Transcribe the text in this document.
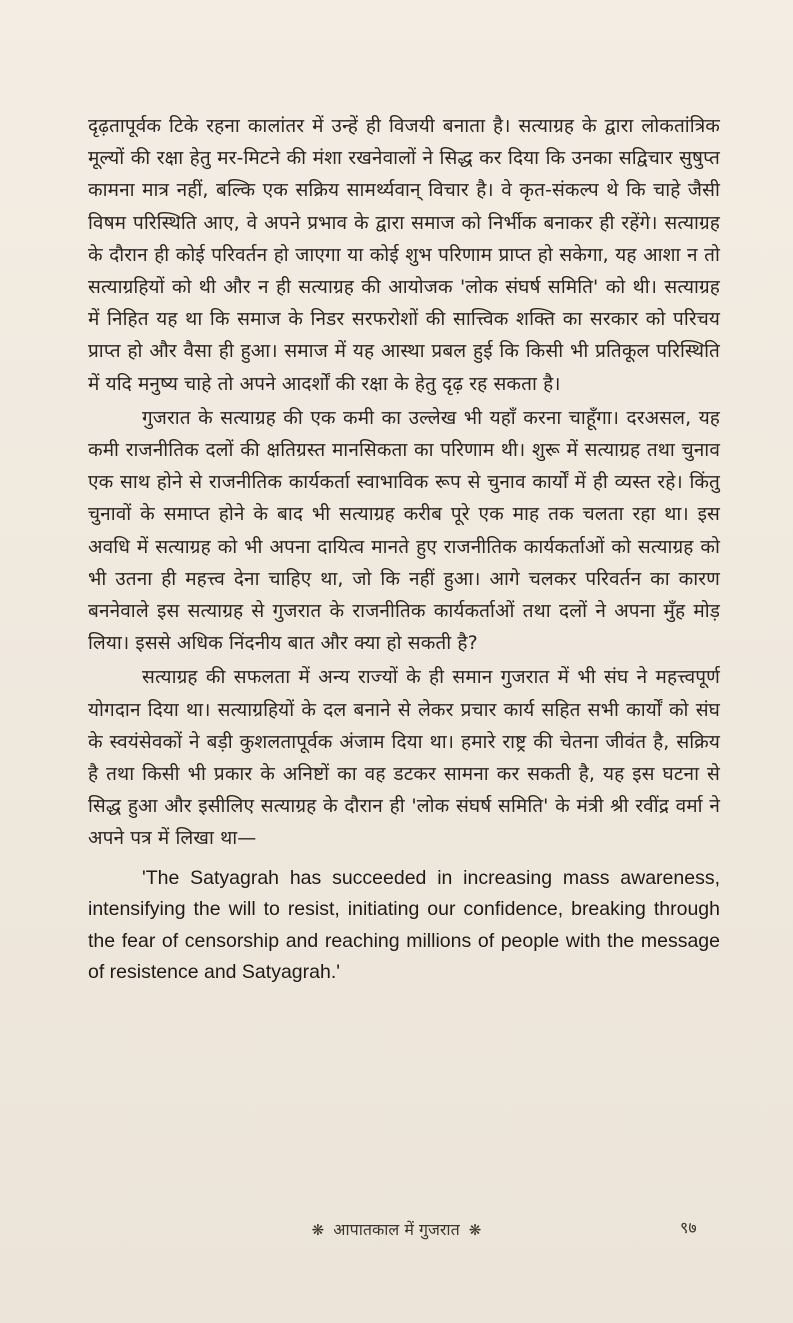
दृढ़तापूर्वक टिके रहना कालांतर में उन्हें ही विजयी बनाता है। सत्याग्रह के द्वारा लोकतांत्रिक मूल्यों की रक्षा हेतु मर-मिटने की मंशा रखनेवालों ने सिद्ध कर दिया कि उनका सद्विचार सुषुप्त कामना मात्र नहीं, बल्कि एक सक्रिय सामर्थ्यवान् विचार है। वे कृत-संकल्प थे कि चाहे जैसी विषम परिस्थिति आए, वे अपने प्रभाव के द्वारा समाज को निर्भीक बनाकर ही रहेंगे। सत्याग्रह के दौरान ही कोई परिवर्तन हो जाएगा या कोई शुभ परिणाम प्राप्त हो सकेगा, यह आशा न तो सत्याग्रहियों को थी और न ही सत्याग्रह की आयोजक 'लोक संघर्ष समिति' को थी। सत्याग्रह में निहित यह था कि समाज के निडर सरफरोशों की सात्त्विक शक्ति का सरकार को परिचय प्राप्त हो और वैसा ही हुआ। समाज में यह आस्था प्रबल हुई कि किसी भी प्रतिकूल परिस्थिति में यदि मनुष्य चाहे तो अपने आदर्शों की रक्षा के हेतु दृढ़ रह सकता है।

गुजरात के सत्याग्रह की एक कमी का उल्लेख भी यहाँ करना चाहूँगा। दरअसल, यह कमी राजनीतिक दलों की क्षतिग्रस्त मानसिकता का परिणाम थी। शुरू में सत्याग्रह तथा चुनाव एक साथ होने से राजनीतिक कार्यकर्ता स्वाभाविक रूप से चुनाव कार्यों में ही व्यस्त रहे। किंतु चुनावों के समाप्त होने के बाद भी सत्याग्रह करीब पूरे एक माह तक चलता रहा था। इस अवधि में सत्याग्रह को भी अपना दायित्व मानते हुए राजनीतिक कार्यकर्ताओं को सत्याग्रह को भी उतना ही महत्त्व देना चाहिए था, जो कि नहीं हुआ। आगे चलकर परिवर्तन का कारण बननेवाले इस सत्याग्रह से गुजरात के राजनीतिक कार्यकर्ताओं तथा दलों ने अपना मुँह मोड़ लिया। इससे अधिक निंदनीय बात और क्या हो सकती है?

सत्याग्रह की सफलता में अन्य राज्यों के ही समान गुजरात में भी संघ ने महत्त्वपूर्ण योगदान दिया था। सत्याग्रहियों के दल बनाने से लेकर प्रचार कार्य सहित सभी कार्यों को संघ के स्वयंसेवकों ने बड़ी कुशलतापूर्वक अंजाम दिया था। हमारे राष्ट्र की चेतना जीवंत है, सक्रिय है तथा किसी भी प्रकार के अनिष्टों का वह डटकर सामना कर सकती है, यह इस घटना से सिद्ध हुआ और इसीलिए सत्याग्रह के दौरान ही 'लोक संघर्ष समिति' के मंत्री श्री रवींद्र वर्मा ने अपने पत्र में लिखा था—

'The Satyagrah has succeeded in increasing mass awareness, intensifying the will to resist, initiating our confidence, breaking through the fear of censorship and reaching millions of people with the message of resistence and Satyagrah.'

❋ आपातकाल में गुजरात ❋	९७
